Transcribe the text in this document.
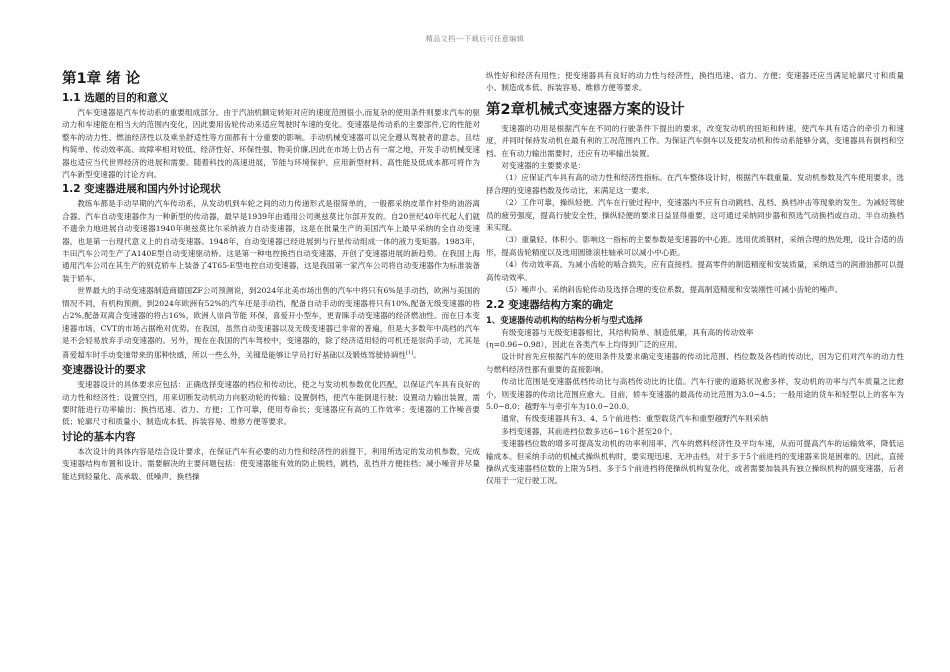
精品文档---下载后可任意编辑
第1章 绪 论
1.1 选题的目的和意义

汽车变速器是汽车传动系的重要组成部分。由于汽油机额定转矩对应的速度范围很小,而复杂的使用条件则要求汽车的驱动力和车速能在相当大的范围内变化，因此要用齿轮传动来适应驾驶时车速的变化。变速器是传动系的主要部件,它的性能对整车的动力性、燃油经济性以及乘坐舒适性等方面都有十分重要的影响。手动机械变速器可以完全遵从驾驶者的意志，且结构简单、传动效率高、故障率相对较低、经济性好、环保性强、物美价廉,因此在市场上仍占有一席之地，开发手动机械变速器也适应当代世界经济的进展和需要。随着科技的高速进展，节能与环境保护、应用新型材料、高性能及低成本都可将作为汽车新型变速器的讨论方向。

1.2 变速器进展和国内外讨论现状

教练车都是手动早期的汽车传动系，从发动机到车轮之间的动力传递形式是很简单的，一般都采纳皮革作衬垫的油浴离合器。汽车自动变速器作为一种新型的传动器，最早是1939年由通用公司奥兹莫比尔部开发的。自20世纪40年代起人们就不遗余力地进展自动变速器1940年奥兹莫比尔采纳液力自动变速器，这是在批量生产的美国汽车上最早采纳的全自动变速器，也是第一台现代意义上的自动变速器。1948年，自动变速器已经进展到与行星传动组成一体的液力变矩器。1983年，丰田汽车公司生产了A140E型自动变速驱动桥。这是第一种电控换挡自动变速器，开创了变速器进展的新趋势。在我国上海通用汽车公司在其生产的别克轿车上装备了4T65-E型电控自动变速器，这是我国第一家汽车公司将自动变速器作为标准装备装于轿车。

世界最大的手动变速器制造商德国ZF公司预测说，到2024年北美市场出售的汽车中将只有6%是手动挡，欧洲与美国的情况不同，有机构预测，到2024年欧洲有52%的汽车还是手动挡，配备自动手动的变速器将只有10%,配备无级变速器的将占2%,配备双离合变速器的将占16%，欧洲人崇尚节能 环保，喜爱开小型车，更青睐手动变速器的经济燃油性。而在日本变速器市场，CVT的市场占据绝对优势。在我国，虽然自动变速器以及无级变速器已非常的普遍，但是大多数年中高档的汽车是不会轻易放弃手动变速器的。另外，现在在我国的汽车驾校中，变速器的，除了经济适用轻的可机还是崇尚手动，尤其是喜爱超车时手动变速带来的那种快感，所以一些么外，关键是能够让学员打好基础以及锻炼驾驶协调性[1]。

变速器设计的要求

变速器设计的具体要求应包括：正确选择变速器的档位和传动比，使之与发动机参数优化匹配，以保证汽车具有良好的动力性和经济性；设置空挡，用来切断发动机动力向驱动轮的传输；设置倒档，使汽车能倒退行驶；设置动力输出装置，需要时能进行功率输出；换挡迅速、省力、方便；工作可靠，使用寿命长；变速器应有高的工作效率；变速器的工作噪音要低；轮廓尺寸和质量小、制造成本低、拆装容易、维修方便等要求。

讨论的基本内容

本次设计的具体内容是结合设计要求，在保证汽车有必要的动力性和经济性的前提下，利用所选定的发动机参数，完成变速器结构布置和设计。需要解决的主要问题包括：使变速器能有效的防止脱档，跳档，乱挡并方便挂档；减小噪音并尽量能达到轻量化、高承载、低噪声、换档操

纵性好和经济有用性；使变速器具有良好的动力性与经济性，换挡迅速、省力、方便；变速器还应当满足轮廓尺寸和质量小、制造成本低、拆装容易、维修方便等要求。

第2章机械式变速器方案的设计

变速器的功用是根据汽车在不同的行驶条件下提出的要求，改变发动机的扭矩和转速，使汽车具有适合的牵引力和速度，并同时保持发动机在最有利的工况范围内工作。为保证汽车倒车以及使发动机和传动系能够分离，变速器具有倒档和空档。在有动力输出需要时，还应有功率输出装置。

对变速器的主要要求是：

（1）应保证汽车具有高的动力性和经济性指标。在汽车整体设计时，根据汽车载重量、发动机参数及汽车使用要求，选择合理的变速器档数及传动比，来满足这一要求。

（2）工作可靠，操纵轻便。汽车在行驶过程中，变速器内不应有自动跳档、乱档、换档冲击等现象的发生。为减轻驾驶员的疲劳强度，提高行驶安全性，操纵轻便的要求日益显得重要，这可通过采纳同步器和预选气动换档或自动、半自动换档来实现。

（3）重量轻、体积小。影响这一指标的主要参数是变速器的中心距。选用优质钢材，采纳合理的热处理，设计合适的齿形，提高齿轮精度以及选用圆锥滚柱轴承可以减小中心距。

（4）传动效率高。为减小齿轮的啮合损失，应有直接档。提高零件的制造精度和安装质量，采纳适当的润滑油都可以提高传动效率。

（5）噪声小。采纳斜齿轮传动及选择合理的变位系数，提高制造精度和安装刚性可减小齿轮的噪声。

2.2 变速器结构方案的确定
1、变速器传动机构的结构分析与型式选择

有级变速器与无级变速器相比，其结构简单、制造低廉，具有高的传动效率

(η=0.96~0.98），因此在各类汽车上均得到广泛的应用。

设计时首先应根据汽车的使用条件及要求确定变速器的传动比范围、档位数及各档的传动比，因为它们对汽车的动力性与燃料经济性都有重要的直接影响。

传动比范围是变速器低档传动比与高档传动比的比值。汽车行驶的道路状况愈多样，发动机的功率与汽车质量之比愈小，则变速器的传动比范围应愈大。目前，轿车变速器的最高传动比范围为3.0~4.5；一般用途的货车和轻型以上的客车为5.0~8.0；越野车与牵引车为10.0~20.0。

通常，有级变速器具有3、4、5个前进档；重型载货汽车和重型越野汽车则采纳

多档变速器，其前进档位数多达6~16个甚至20个。

变速器档位数的增多可提高发动机的功率利用率、汽车的燃料经济性及平均车速，从而可提高汽车的运输效率，降低运输成本。但采纳手动的机械式操纵机构时，要实现迅速、无冲击档，对于多于5个前进档的变速器来说是困难的。因此，直接操纵式变速器档位数的上限为5档。多于5个前进档将使操纵机构复杂化，或者需要加装具有独立操纵机构的副变速器，后者仅用于一定行驶工况。
